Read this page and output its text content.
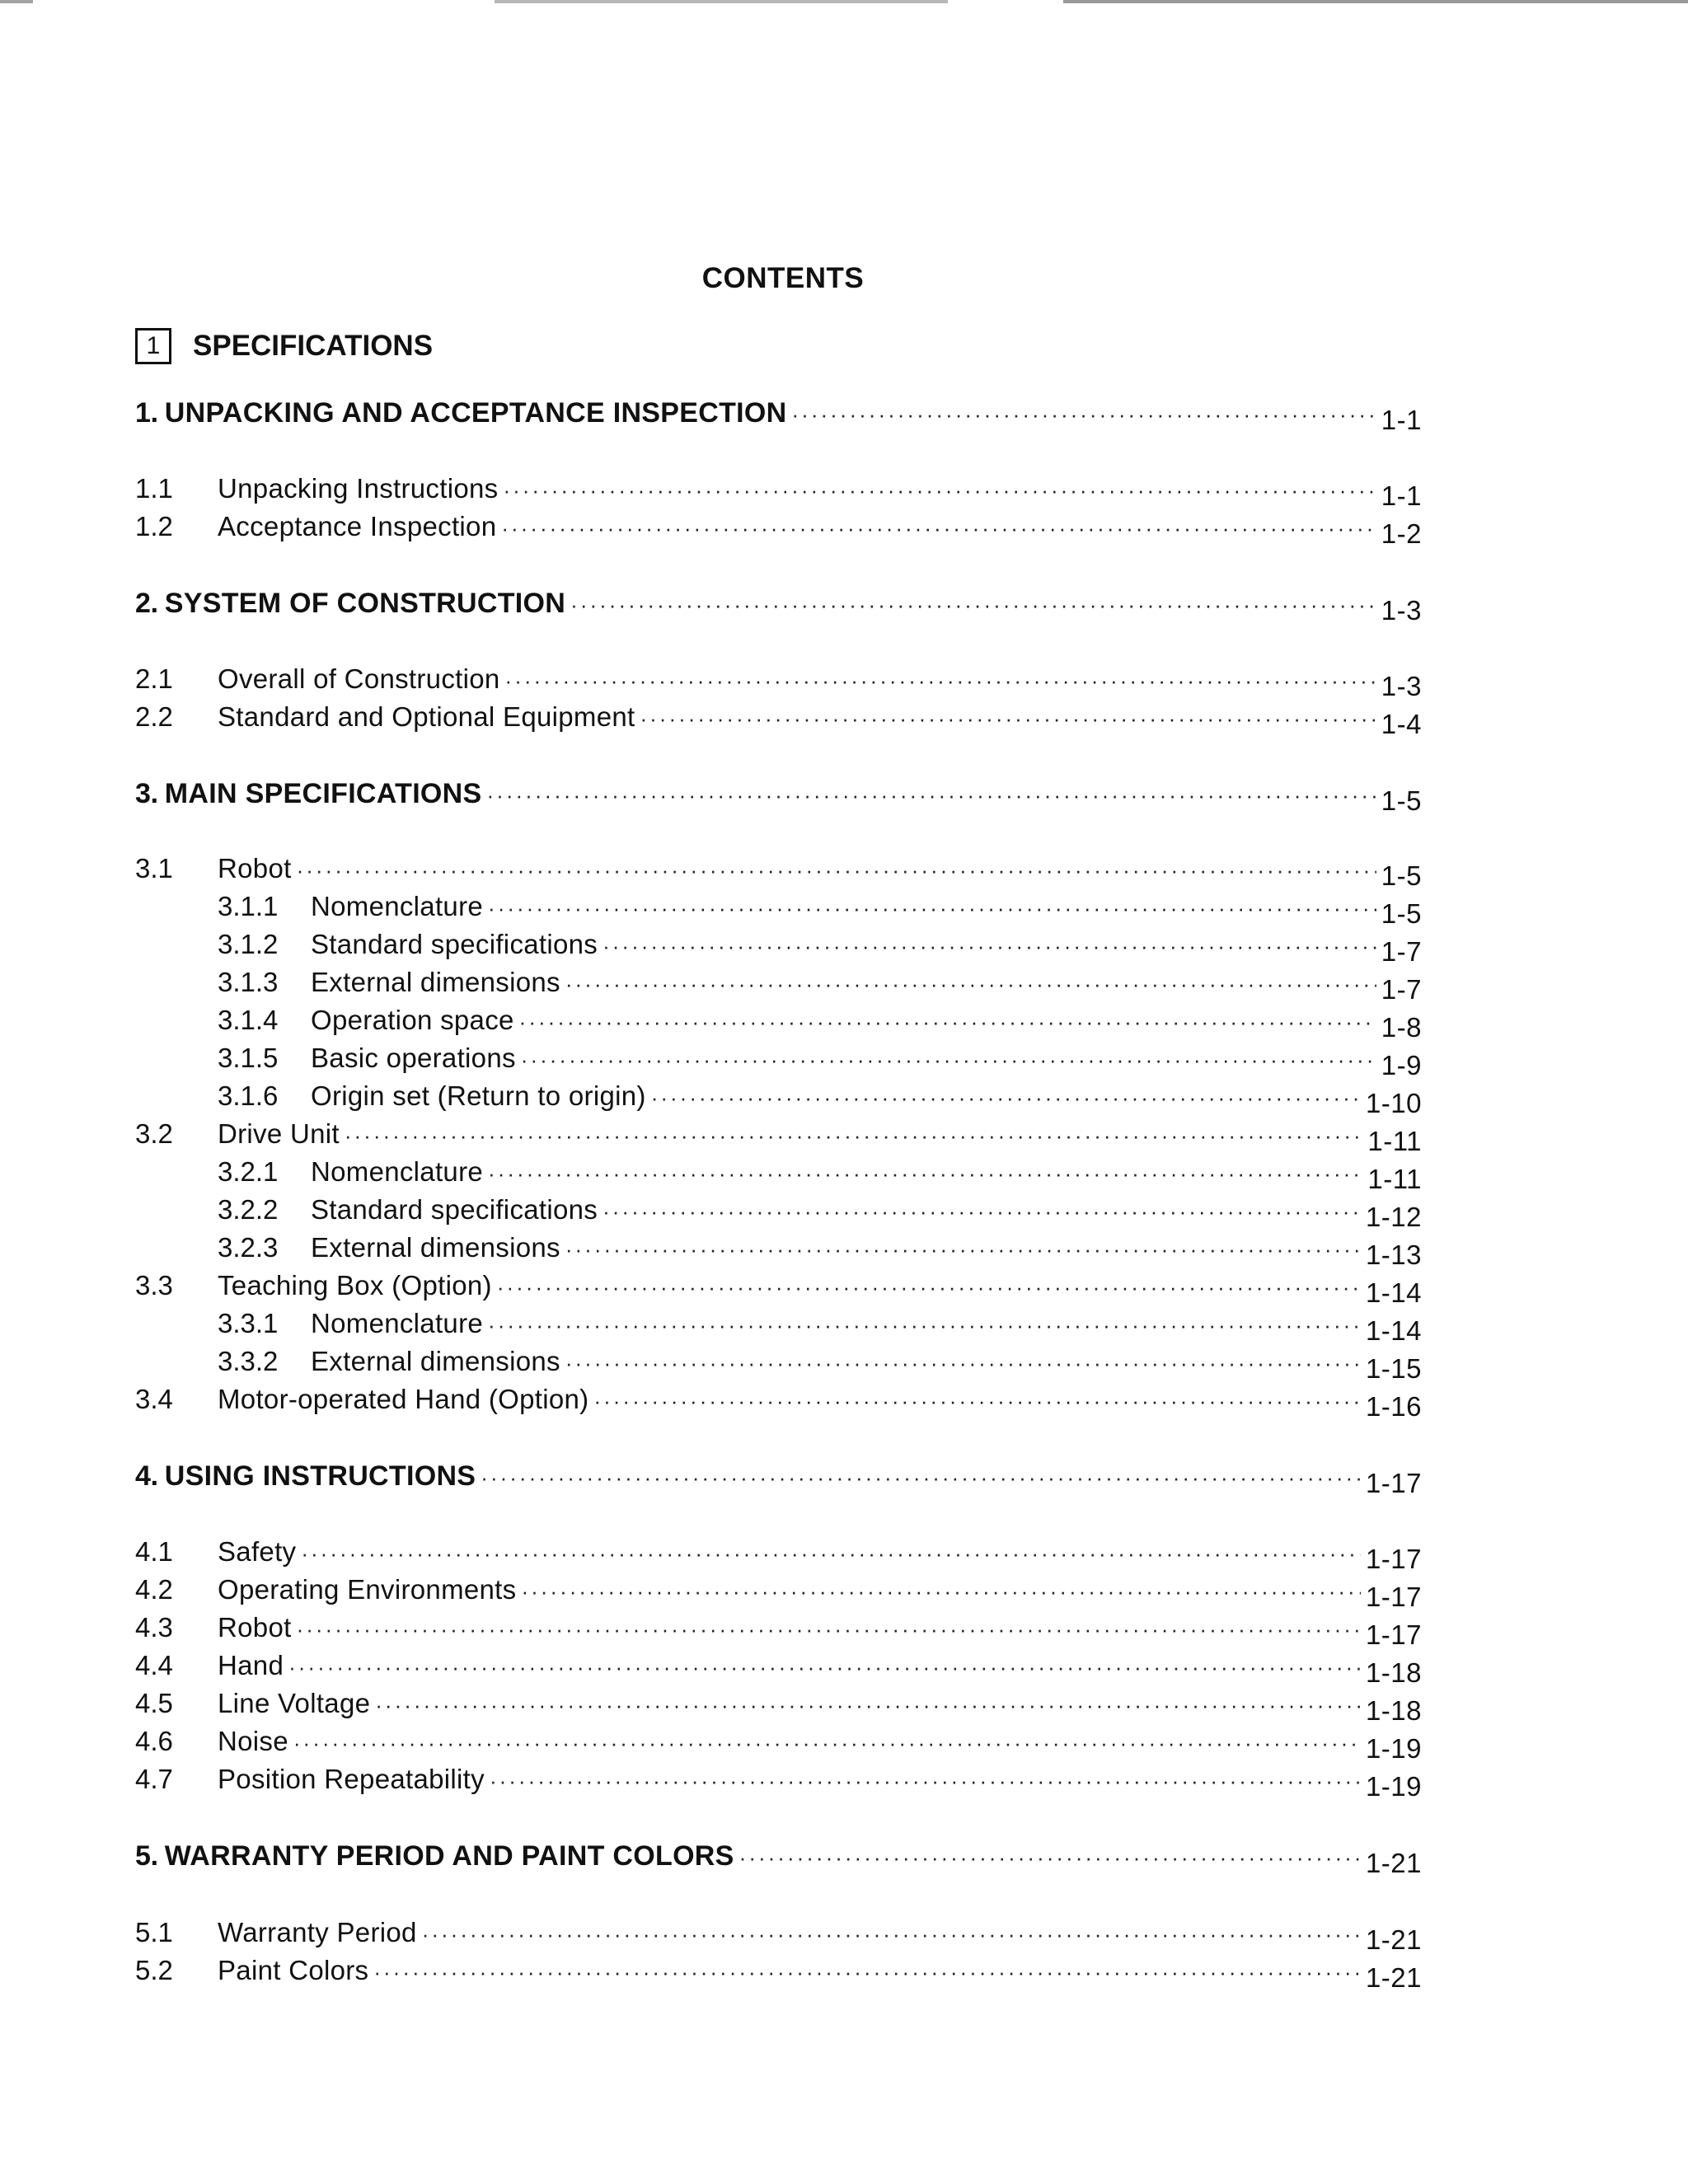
CONTENTS
1	SPECIFICATIONS
1. UNPACKING AND ACCEPTANCE INSPECTION ·····	1-1
1.1	Unpacking Instructions ·····	1-1
1.2	Acceptance Inspection ·····	1-2
2. SYSTEM OF CONSTRUCTION ·····	1-3
2.1	Overall of Construction ·····	1-3
2.2	Standard and Optional Equipment ·····	1-4
3. MAIN SPECIFICATIONS ·····	1-5
3.1	Robot ·····	1-5
3.1.1	Nomenclature ·····	1-5
3.1.2	Standard specifications ·····	1-7
3.1.3	External dimensions ·····	1-7
3.1.4	Operation space ·····	1-8
3.1.5	Basic operations ·····	1-9
3.1.6	Origin set (Return to origin) ·····	1-10
3.2	Drive Unit ·····	1-11
3.2.1	Nomenclature ·····	1-11
3.2.2	Standard specifications ·····	1-12
3.2.3	External dimensions ·····	1-13
3.3	Teaching Box (Option) ·····	1-14
3.3.1	Nomenclature ·····	1-14
3.3.2	External dimensions ·····	1-15
3.4	Motor-operated Hand (Option) ·····	1-16
4. USING INSTRUCTIONS ·····	1-17
4.1	Safety ·····	1-17
4.2	Operating Environments ·····	1-17
4.3	Robot ·····	1-17
4.4	Hand ·····	1-18
4.5	Line Voltage ·····	1-18
4.6	Noise ·····	1-19
4.7	Position Repeatability ·····	1-19
5. WARRANTY PERIOD AND PAINT COLORS ·····	1-21
5.1	Warranty Period ·····	1-21
5.2	Paint Colors ·····	1-21
